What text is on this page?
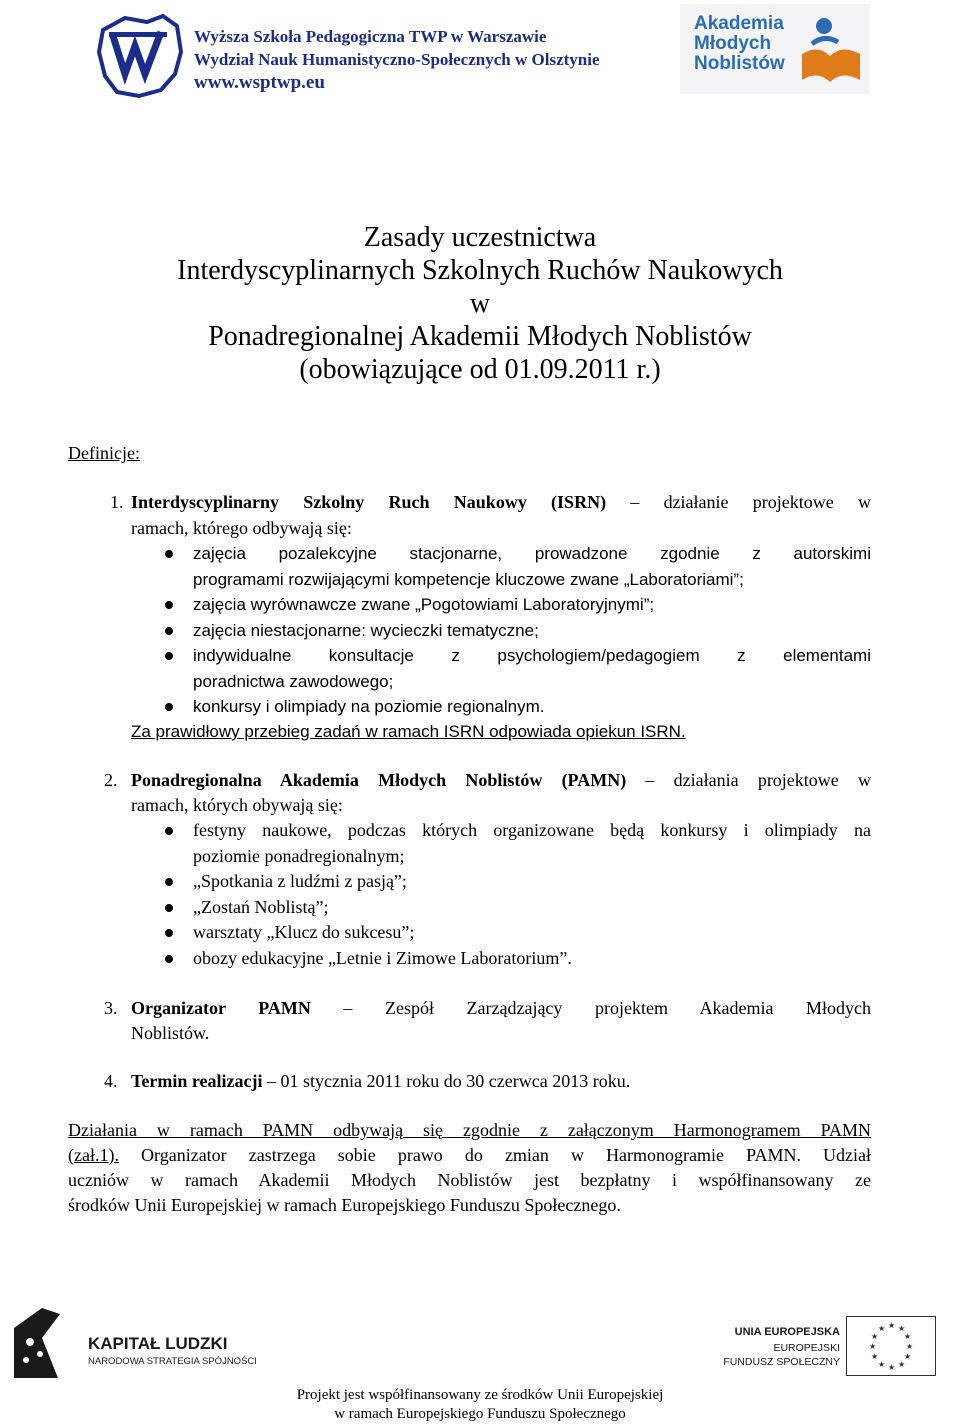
Wyższa Szkoła Pedagogiczna TWP w Warszawie
Wydział Nauk Humanistyczno-Społecznych w Olsztynie
www.wsptwp.eu
Akademia
Młodych
Noblistów
Zasady uczestnictwa
Interdyscyplinarnych Szkolnych Ruchów Naukowych
w
Ponadregionalnej Akademii Młodych Noblistów
(obowiązujące od 01.09.2011 r.)
Definicje:
1. Interdyscyplinarny Szkolny Ruch Naukowy (ISRN) – działanie projektowe w
ramach, którego odbywają się:
zajęcia pozalekcyjne stacjonarne, prowadzone zgodnie z autorskimi
programami rozwijającymi kompetencje kluczowe zwane „Laboratoriami”;
zajęcia wyrównawcze zwane „Pogotowiami Laboratoryjnymi”;
zajęcia niestacjonarne: wycieczki tematyczne;
indywidualne konsultacje z psychologiem/pedagogiem z elementami
poradnictwa zawodowego;
konkursy i olimpiady na poziomie regionalnym.
Za prawidłowy przebieg zadań w ramach ISRN odpowiada opiekun ISRN.
2. Ponadregionalna Akademia Młodych Noblistów (PAMN) – działania projektowe w
ramach, których obywają się:
festyny naukowe, podczas których organizowane będą konkursy i olimpiady na
poziomie ponadregionalnym;
„Spotkania z ludźmi z pasją”;
„Zostań Noblistą”;
warsztaty „Klucz do sukcesu”;
obozy edukacyjne „Letnie i Zimowe Laboratorium”.
3. Organizator PAMN – Zespół Zarządzający projektem Akademia Młodych
Noblistów.
4. Termin realizacji – 01 stycznia 2011 roku do 30 czerwca 2013 roku.
Działania w ramach PAMN odbywają się zgodnie z załączonym Harmonogramem PAMN
(zał.1). Organizator zastrzega sobie prawo do zmian w Harmonogramie PAMN. Udział
uczniów w ramach Akademii Młodych Noblistów jest bezpłatny i współfinansowany ze
środków Unii Europejskiej w ramach Europejskiego Funduszu Społecznego.
KAPITAŁ LUDZKI
NARODOWA STRATEGIA SPÓJNOŚCI
UNIA EUROPEJSKA
EUROPEJSKI
FUNDUSZ SPOŁECZNY
★ ★
★
★
★
★
★
★
★
★
★
★
Projekt jest współfinansowany ze środków Unii Europejskiej
w ramach Europejskiego Funduszu Społecznego
